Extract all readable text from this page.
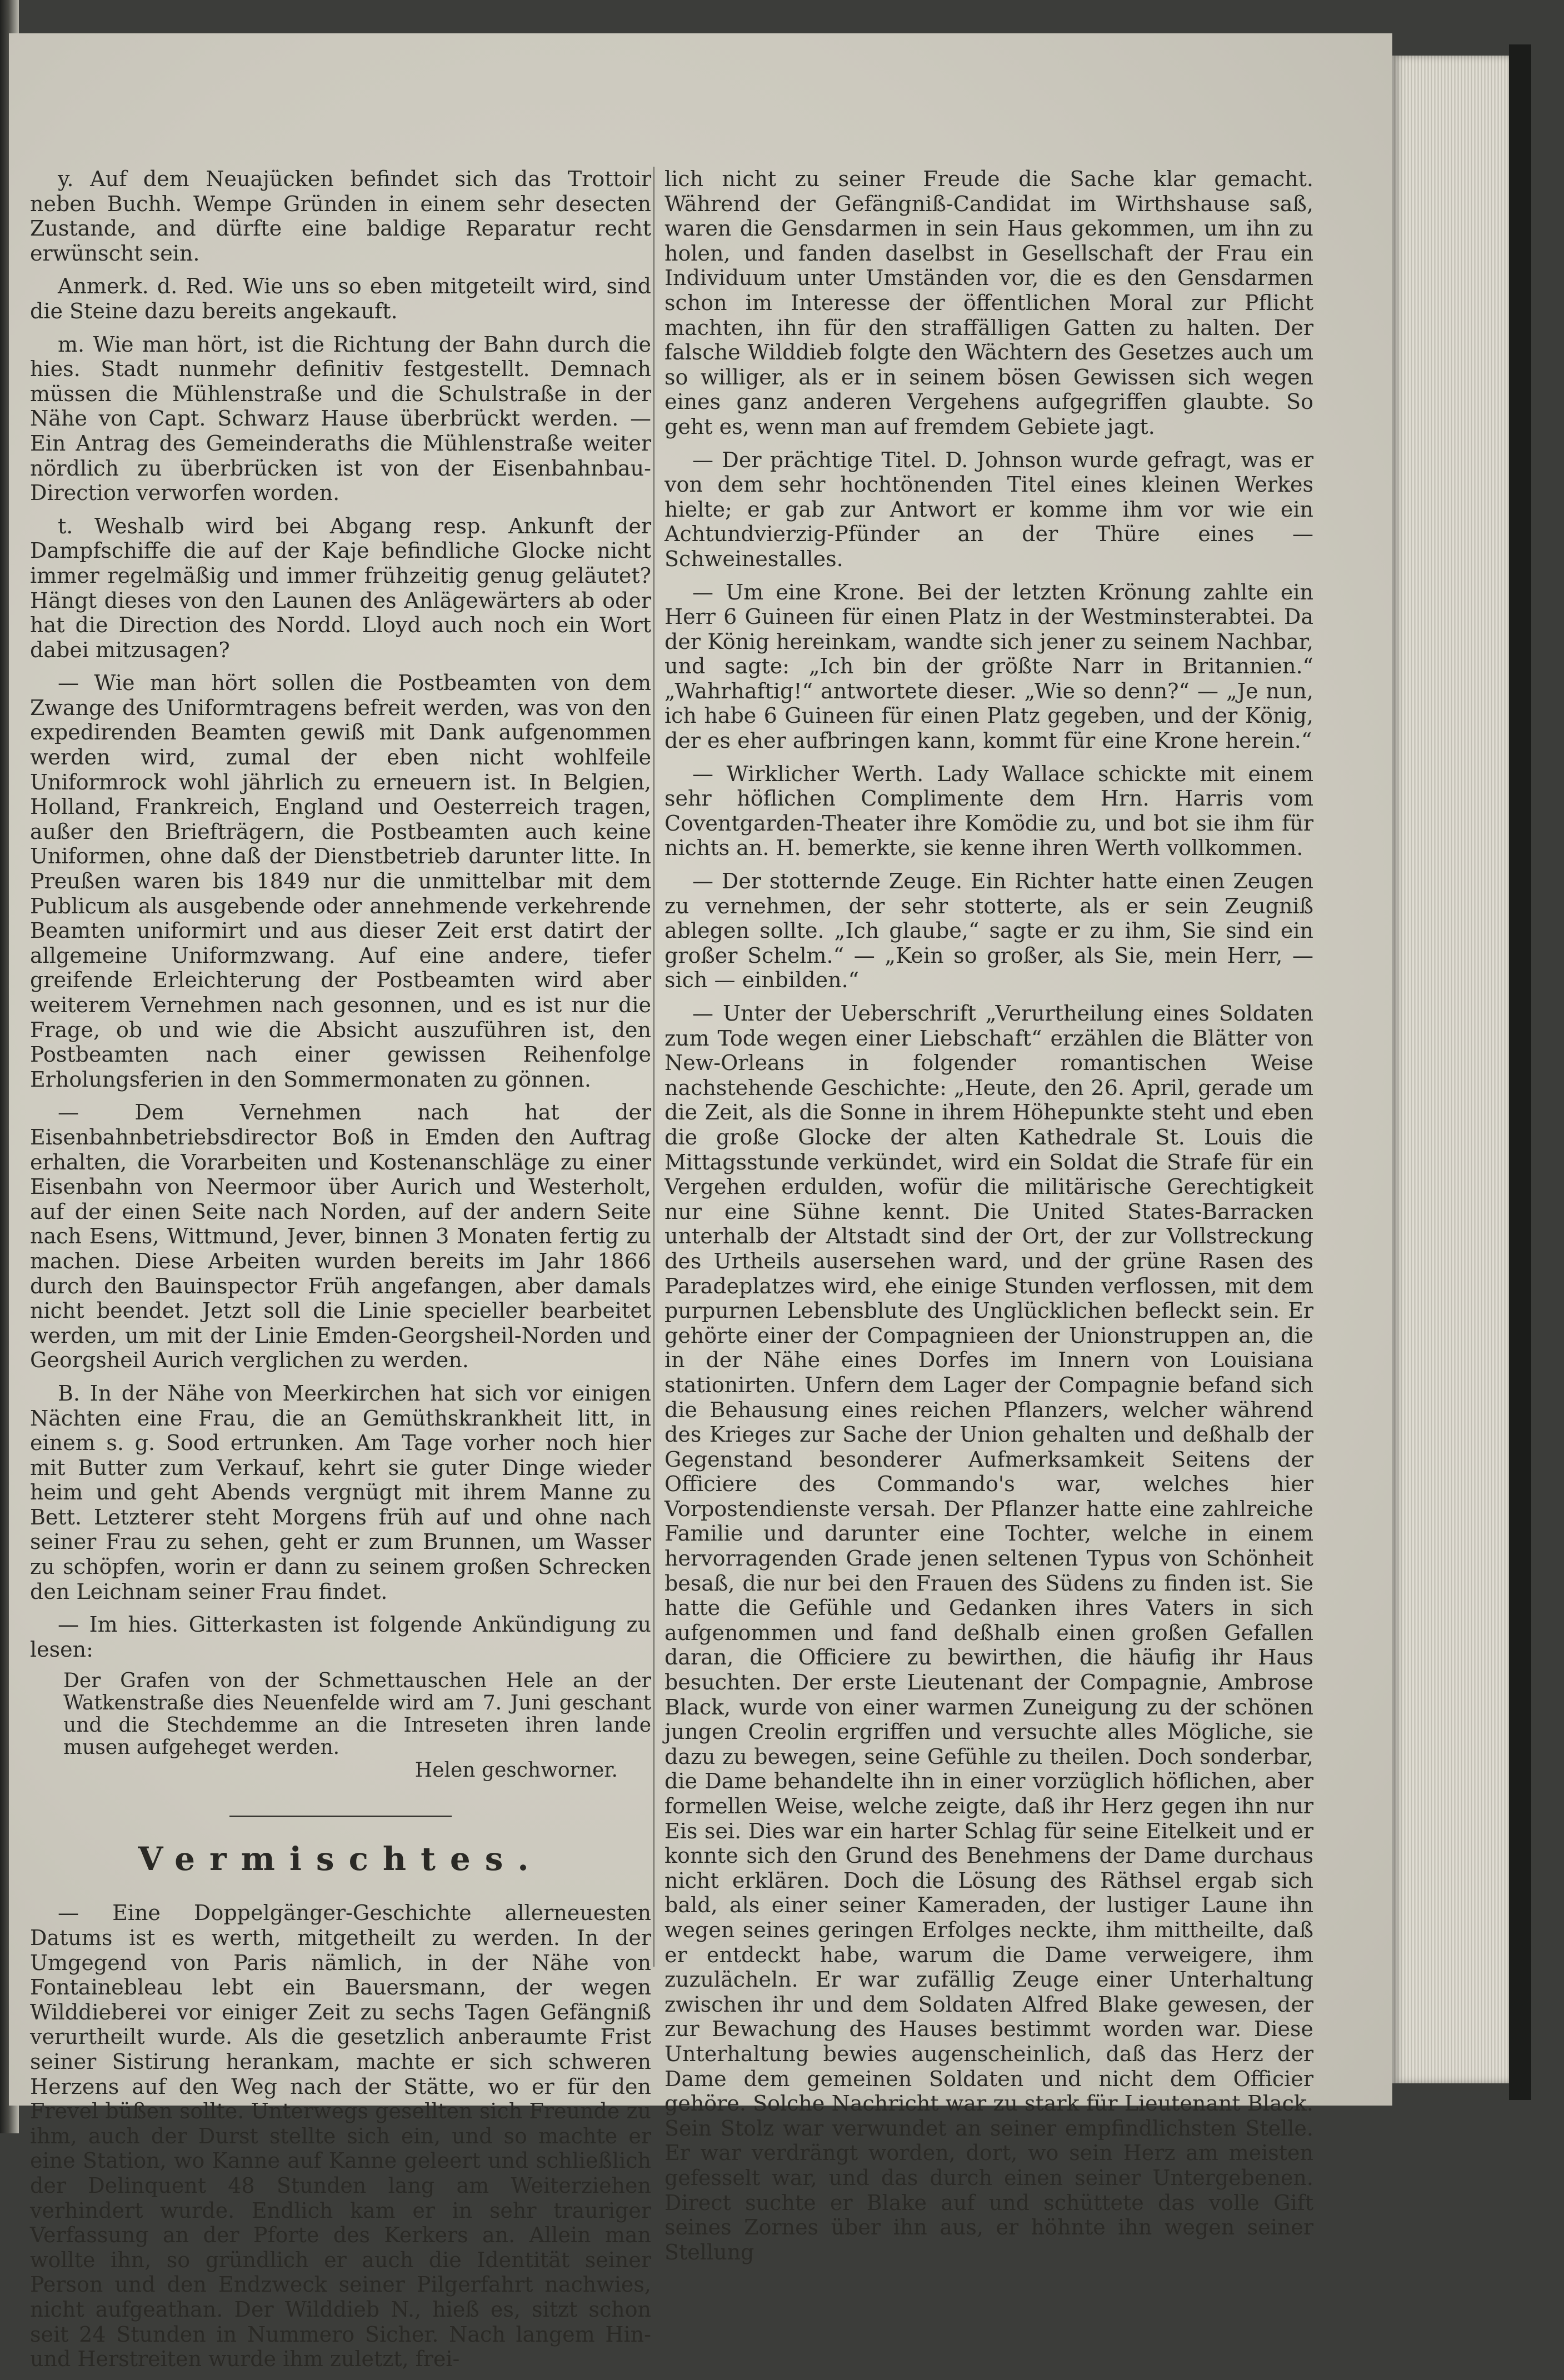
y. Auf dem Neuajücken befindet sich das Trottoir neben Buchh. Wempe Gründen in einem sehr desecten Zustande, and dürfte eine baldige Reparatur recht erwünscht sein.

Anmerk. d. Red. Wie uns so eben mitgeteilt wird, sind die Steine dazu bereits angekauft.

m. Wie man hört, ist die Richtung der Bahn durch die hies. Stadt nunmehr definitiv festgestellt. Demnach müssen die Mühlenstraße und die Schulstraße in der Nähe von Capt. Schwarz Hause überbrückt werden. — Ein Antrag des Gemeinderaths die Mühlenstraße weiter nördlich zu überbrücken ist von der Eisenbahnbau-Direction verworfen worden.

t. Weshalb wird bei Abgang resp. Ankunft der Dampfschiffe die auf der Kaje befindliche Glocke nicht immer regelmäßig und immer frühzeitig genug geläutet? Hängt dieses von den Launen des Anlägewärters ab oder hat die Direction des Nordd. Lloyd auch noch ein Wort dabei mitzusagen?

— Wie man hört sollen die Postbeamten von dem Zwange des Uniformtragens befreit werden, was von den expedirenden Beamten gewiß mit Dank aufgenommen werden wird, zumal der eben nicht wohlfeile Uniformrock wohl jährlich zu erneuern ist. In Belgien, Holland, Frankreich, England und Oesterreich tragen, außer den Briefträgern, die Postbeamten auch keine Uniformen, ohne daß der Dienstbetrieb darunter litte. In Preußen waren bis 1849 nur die unmittelbar mit dem Publicum als ausgebende oder annehmende verkehrende Beamten uniformirt und aus dieser Zeit erst datirt der allgemeine Uniformzwang. Auf eine andere, tiefer greifende Erleichterung der Postbeamten wird aber weiterem Vernehmen nach gesonnen, und es ist nur die Frage, ob und wie die Absicht auszuführen ist, den Postbeamten nach einer gewissen Reihenfolge Erholungsferien in den Sommermonaten zu gönnen.

— Dem Vernehmen nach hat der Eisenbahnbetriebsdirector Boß in Emden den Auftrag erhalten, die Vorarbeiten und Kostenanschläge zu einer Eisenbahn von Neermoor über Aurich und Westerholt, auf der einen Seite nach Norden, auf der andern Seite nach Esens, Wittmund, Jever, binnen 3 Monaten fertig zu machen. Diese Arbeiten wurden bereits im Jahr 1866 durch den Bauinspector Früh angefangen, aber damals nicht beendet. Jetzt soll die Linie specieller bearbeitet werden, um mit der Linie Emden-Georgsheil-Norden und Georgsheil Aurich verglichen zu werden.

B. In der Nähe von Meerkirchen hat sich vor einigen Nächten eine Frau, die an Gemüthskrankheit litt, in einem s. g. Sood ertrunken. Am Tage vorher noch hier mit Butter zum Verkauf, kehrt sie guter Dinge wieder heim und geht Abends vergnügt mit ihrem Manne zu Bett. Letzterer steht Morgens früh auf und ohne nach seiner Frau zu sehen, geht er zum Brunnen, um Wasser zu schöpfen, worin er dann zu seinem großen Schrecken den Leichnam seiner Frau findet.

— Im hies. Gitterkasten ist folgende Ankündigung zu lesen:

Der Grafen von der Schmettauschen Hele an der Watkenstraße dies Neuenfelde wird am 7. Juni geschant und die Stechdemme an die Intreseten ihren lande musen aufgeheget werden.

Helen geschworner.

Vermischtes.

— Eine Doppelgänger-Geschichte allerneuesten Datums ist es werth, mitgetheilt zu werden. In der Umgegend von Paris nämlich, in der Nähe von Fontainebleau lebt ein Bauersmann, der wegen Wilddieberei vor einiger Zeit zu sechs Tagen Gefängniß verurtheilt wurde. Als die gesetzlich anberaumte Frist seiner Sistirung herankam, machte er sich schweren Herzens auf den Weg nach der Stätte, wo er für den Frevel büßen sollte. Unterwegs gesellten sich Freunde zu ihm, auch der Durst stellte sich ein, und so machte er eine Station, wo Kanne auf Kanne geleert und schließlich der Delinquent 48 Stunden lang am Weiterziehen verhindert wurde. Endlich kam er in sehr trauriger Verfassung an der Pforte des Kerkers an. Allein man wollte ihn, so gründlich er auch die Identität seiner Person und den Endzweck seiner Pilgerfahrt nachwies, nicht aufgeathan. Der Wilddieb N., hieß es, sitzt schon seit 24 Stunden in Nummero Sicher. Nach langem Hin- und Herstreiten wurde ihm zuletzt, frei-

lich nicht zu seiner Freude die Sache klar gemacht. Während der Gefängniß-Candidat im Wirthshause saß, waren die Gensdarmen in sein Haus gekommen, um ihn zu holen, und fanden daselbst in Gesellschaft der Frau ein Individuum unter Umständen vor, die es den Gensdarmen schon im Interesse der öffentlichen Moral zur Pflicht machten, ihn für den straffälligen Gatten zu halten. Der falsche Wilddieb folgte den Wächtern des Gesetzes auch um so williger, als er in seinem bösen Gewissen sich wegen eines ganz anderen Vergehens aufgegriffen glaubte. So geht es, wenn man auf fremdem Gebiete jagt.

— Der prächtige Titel. D. Johnson wurde gefragt, was er von dem sehr hochtönenden Titel eines kleinen Werkes hielte; er gab zur Antwort er komme ihm vor wie ein Achtundvierzig-Pfünder an der Thüre eines — Schweinestalles.

— Um eine Krone. Bei der letzten Krönung zahlte ein Herr 6 Guineen für einen Platz in der Westminsterabtei. Da der König hereinkam, wandte sich jener zu seinem Nachbar, und sagte: „Ich bin der größte Narr in Britannien.“ „Wahrhaftig!“ antwortete dieser. „Wie so denn?“ — „Je nun, ich habe 6 Guineen für einen Platz gegeben, und der König, der es eher aufbringen kann, kommt für eine Krone herein.“

— Wirklicher Werth. Lady Wallace schickte mit einem sehr höflichen Complimente dem Hrn. Harris vom Coventgarden-Theater ihre Komödie zu, und bot sie ihm für nichts an. H. bemerkte, sie kenne ihren Werth vollkommen.

— Der stotternde Zeuge. Ein Richter hatte einen Zeugen zu vernehmen, der sehr stotterte, als er sein Zeugniß ablegen sollte. „Ich glaube,“ sagte er zu ihm, Sie sind ein großer Schelm.“ — „Kein so großer, als Sie, mein Herr, — sich — einbilden.“

— Unter der Ueberschrift „Verurtheilung eines Soldaten zum Tode wegen einer Liebschaft“ erzählen die Blätter von New-Orleans in folgender romantischen Weise nachstehende Geschichte: „Heute, den 26. April, gerade um die Zeit, als die Sonne in ihrem Höhepunkte steht und eben die große Glocke der alten Kathedrale St. Louis die Mittagsstunde verkündet, wird ein Soldat die Strafe für ein Vergehen erdulden, wofür die militärische Gerechtigkeit nur eine Sühne kennt. Die United States-Barracken unterhalb der Altstadt sind der Ort, der zur Vollstreckung des Urtheils ausersehen ward, und der grüne Rasen des Paradeplatzes wird, ehe einige Stunden verflossen, mit dem purpurnen Lebensblute des Unglücklichen befleckt sein. Er gehörte einer der Compagnieen der Unionstruppen an, die in der Nähe eines Dorfes im Innern von Louisiana stationirten. Unfern dem Lager der Compagnie befand sich die Behausung eines reichen Pflanzers, welcher während des Krieges zur Sache der Union gehalten und deßhalb der Gegenstand besonderer Aufmerksamkeit Seitens der Officiere des Commando's war, welches hier Vorpostendienste versah. Der Pflanzer hatte eine zahlreiche Familie und darunter eine Tochter, welche in einem hervorragenden Grade jenen seltenen Typus von Schönheit besaß, die nur bei den Frauen des Südens zu finden ist. Sie hatte die Gefühle und Gedanken ihres Vaters in sich aufgenommen und fand deßhalb einen großen Gefallen daran, die Officiere zu bewirthen, die häufig ihr Haus besuchten. Der erste Lieutenant der Compagnie, Ambrose Black, wurde von einer warmen Zuneigung zu der schönen jungen Creolin ergriffen und versuchte alles Mögliche, sie dazu zu bewegen, seine Gefühle zu theilen. Doch sonderbar, die Dame behandelte ihn in einer vorzüglich höflichen, aber formellen Weise, welche zeigte, daß ihr Herz gegen ihn nur Eis sei. Dies war ein harter Schlag für seine Eitelkeit und er konnte sich den Grund des Benehmens der Dame durchaus nicht erklären. Doch die Lösung des Räthsel ergab sich bald, als einer seiner Kameraden, der lustiger Laune ihn wegen seines geringen Erfolges neckte, ihm mittheilte, daß er entdeckt habe, warum die Dame verweigere, ihm zuzulächeln. Er war zufällig Zeuge einer Unterhaltung zwischen ihr und dem Soldaten Alfred Blake gewesen, der zur Bewachung des Hauses bestimmt worden war. Diese Unterhaltung bewies augenscheinlich, daß das Herz der Dame dem gemeinen Soldaten und nicht dem Officier gehöre. Solche Nachricht war zu stark für Lieutenant Black. Sein Stolz war verwundet an seiner empfindlichsten Stelle. Er war verdrängt worden, dort, wo sein Herz am meisten gefesselt war, und das durch einen seiner Untergebenen. Direct suchte er Blake auf und schüttete das volle Gift seines Zornes über ihn aus, er höhnte ihn wegen seiner Stellung
